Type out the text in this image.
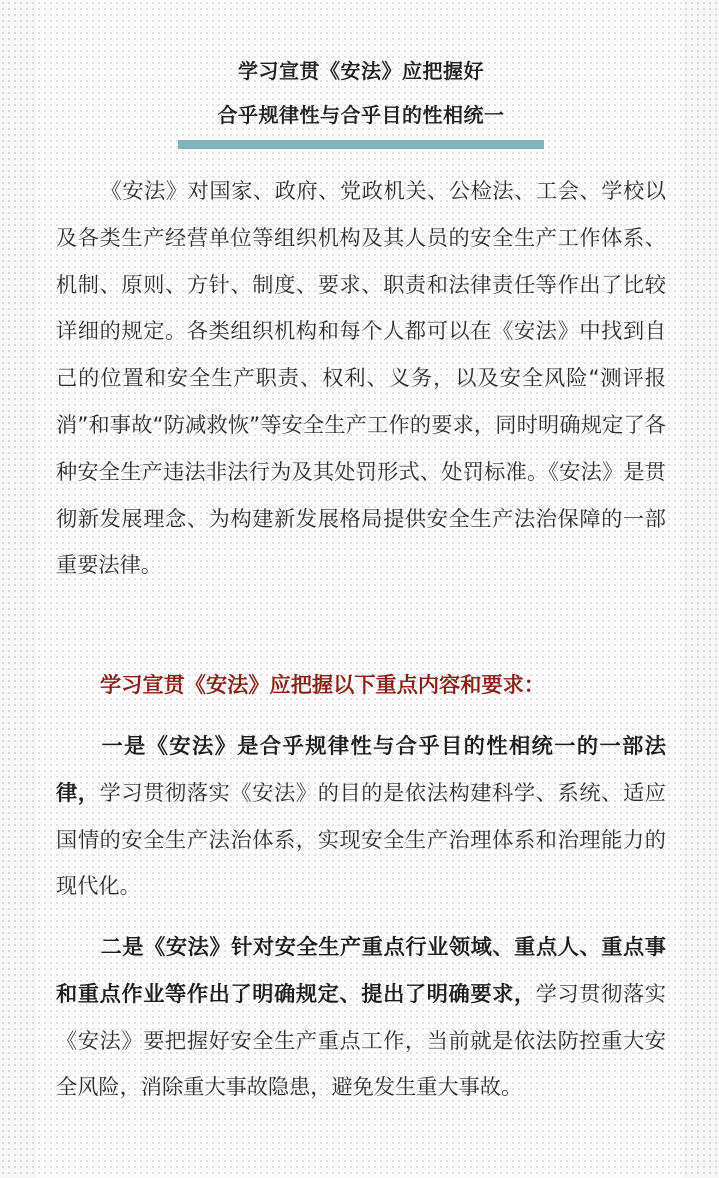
学习宣贯《安法》应把握好
合乎规律性与合乎目的性相统一

《安法》对国家、政府、党政机关、公检法、工会、学校以及各类生产经营单位等组织机构及其人员的安全生产工作体系、机制、原则、方针、制度、要求、职责和法律责任等作出了比较详细的规定。各类组织机构和每个人都可以在《安法》中找到自己的位置和安全生产职责、权利、义务，以及安全风险“测评报消”和事故“防减救恢”等安全生产工作的要求，同时明确规定了各种安全生产违法非法行为及其处罚形式、处罚标准。《安法》是贯彻新发展理念、为构建新发展格局提供安全生产法治保障的一部重要法律。

学习宣贯《安法》应把握以下重点内容和要求：

一是《安法》是合乎规律性与合乎目的性相统一的一部法律，学习贯彻落实《安法》的目的是依法构建科学、系统、适应国情的安全生产法治体系，实现安全生产治理体系和治理能力的现代化。

二是《安法》针对安全生产重点行业领域、重点人、重点事和重点作业等作出了明确规定、提出了明确要求，学习贯彻落实《安法》要把握好安全生产重点工作，当前就是依法防控重大安全风险，消除重大事故隐患，避免发生重大事故。
